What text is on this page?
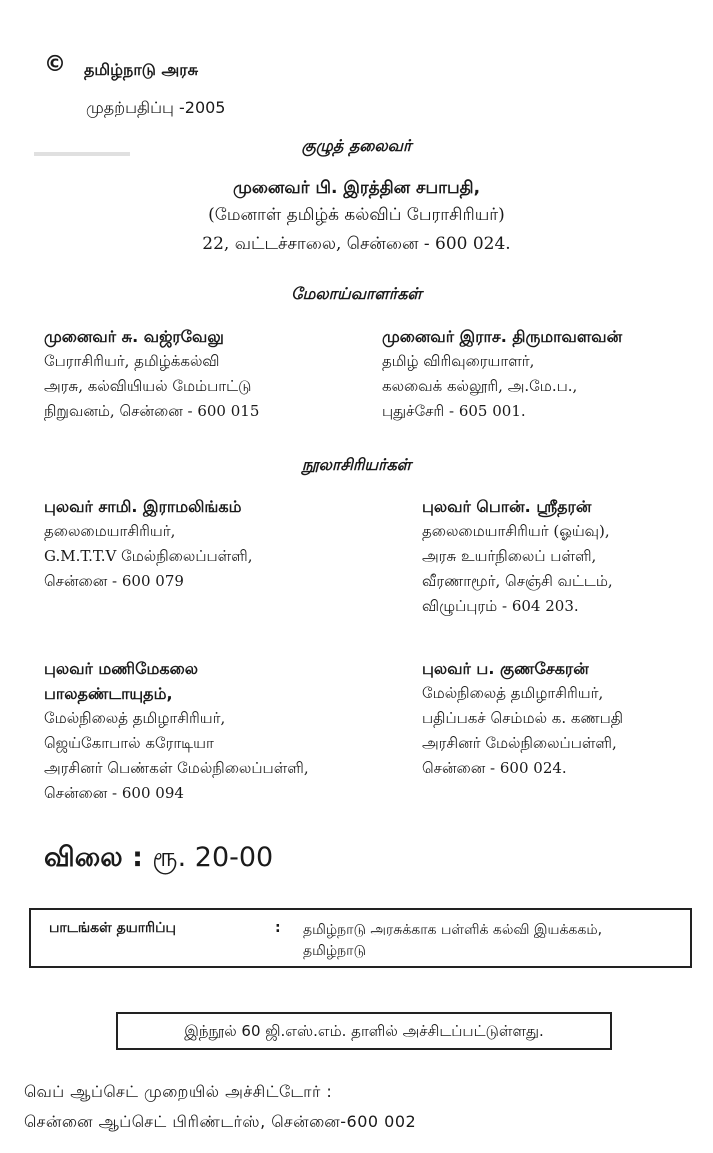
© தமிழ்நாடு அரசு
முதற்பதிப்பு -2005
குழுத் தலைவர்
முனைவர் பி. இரத்தின சபாபதி,
(மேனாள் தமிழ்க் கல்விப் பேராசிரியர்)
22, வட்டச்சாலை, சென்னை - 600 024.
மேலாய்வாளர்கள்
முனைவர் சு. வஜ்ரவேலு
பேராசிரியர், தமிழ்க்கல்வி
அரசு, கல்வியியல் மேம்பாட்டு
நிறுவனம், சென்னை - 600 015
முனைவர் இராச. திருமாவளவன்
தமிழ் விரிவுரையாளர்,
கலவைக் கல்லூரி, அ.மே.ப.,
புதுச்சேரி - 605 001.
நூலாசிரியர்கள்
புலவர் சாமி. இராமலிங்கம்
தலைமையாசிரியர்,
G.M.T.T.V மேல்நிலைப்பள்ளி,
சென்னை - 600 079
புலவர் பொன். ஸ்ரீதரன்
தலைமையாசிரியர் (ஓய்வு),
அரசு உயர்நிலைப் பள்ளி,
வீரணாமூர், செஞ்சி வட்டம்,
விழுப்புரம் - 604 203.
புலவர் மணிமேகலை
பாலதண்டாயுதம்,
மேல்நிலைத் தமிழாசிரியர்,
ஜெய்கோபால் கரோடியா
அரசினர் பெண்கள் மேல்நிலைப்பள்ளி,
சென்னை - 600 094
புலவர் ப. குணசேகரன்
மேல்நிலைத் தமிழாசிரியர்,
பதிப்பகச் செம்மல் க. கணபதி
அரசினர் மேல்நிலைப்பள்ளி,
சென்னை - 600 024.
விலை : ரூ. 20-00
பாடங்கள் தயாரிப்பு	: தமிழ்நாடு அரசுக்காக பள்ளிக் கல்வி இயக்ககம்,
தமிழ்நாடு
இந்நூல் 60 ஜி.எஸ்.எம். தாளில் அச்சிடப்பட்டுள்ளது.
வெப் ஆப்செட் முறையில் அச்சிட்டோர் :
சென்னை ஆப்செட் பிரிண்டர்ஸ், சென்னை-600 002
